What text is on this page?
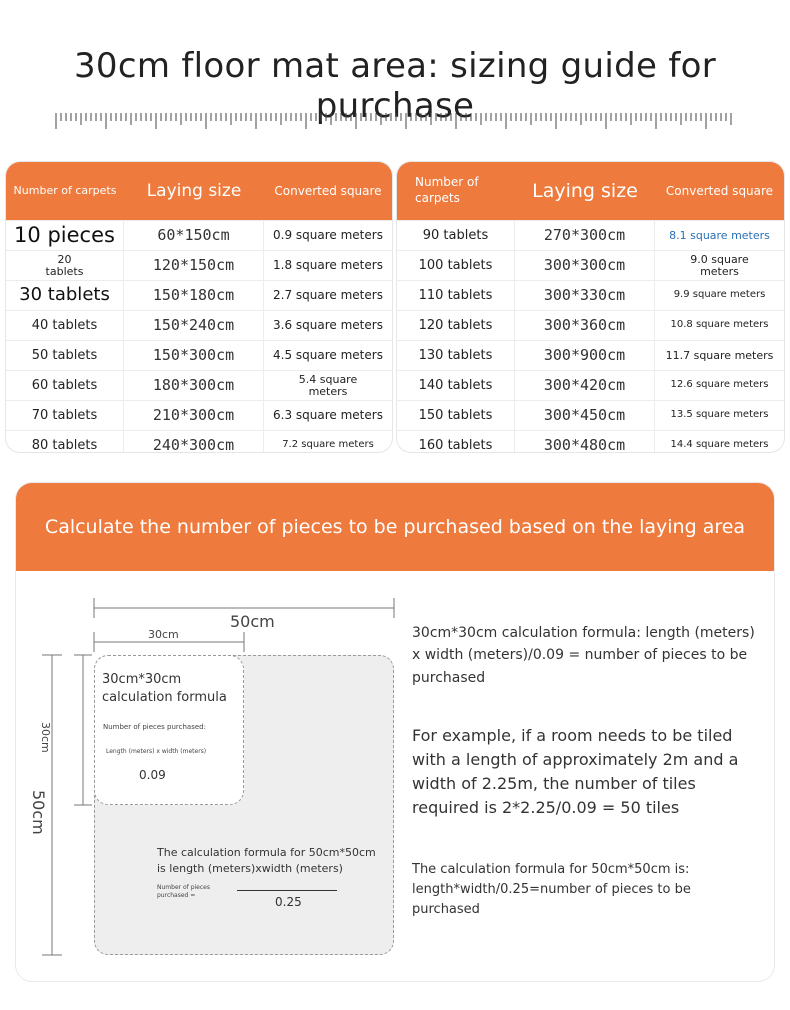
30cm floor mat area: sizing guide for purchase
Number of carpets	Laying size	Converted square
10 pieces	60*150cm	0.9 square meters
20 tablets	120*150cm	1.8 square meters
30 tablets	150*180cm	2.7 square meters
40 tablets	150*240cm	3.6 square meters
50 tablets	150*300cm	4.5 square meters
60 tablets	180*300cm	5.4 square meters
70 tablets	210*300cm	6.3 square meters
80 tablets	240*300cm	7.2 square meters
Number of carpets	Laying size	Converted square
90 tablets	270*300cm	8.1 square meters
100 tablets	300*300cm	9.0 square meters
110 tablets	300*330cm	9.9 square meters
120 tablets	300*360cm	10.8 square meters
130 tablets	300*900cm	11.7 square meters
140 tablets	300*420cm	12.6 square meters
150 tablets	300*450cm	13.5 square meters
160 tablets	300*480cm	14.4 square meters
Calculate the number of pieces to be purchased based on the laying area
50cm
30cm
30cm
50cm
30cm*30cm calculation formula
Number of pieces purchased:
Length (meters) x width (meters)
0.09
The calculation formula for 50cm*50cm is length (meters)xwidth (meters)
Number of pieces purchased =	0.25
30cm*30cm calculation formula: length (meters) x width (meters)/0.09 = number of pieces to be purchased
For example, if a room needs to be tiled with a length of approximately 2m and a width of 2.25m, the number of tiles required is 2*2.25/0.09 = 50 tiles
The calculation formula for 50cm*50cm is: length*width/0.25=number of pieces to be purchased
